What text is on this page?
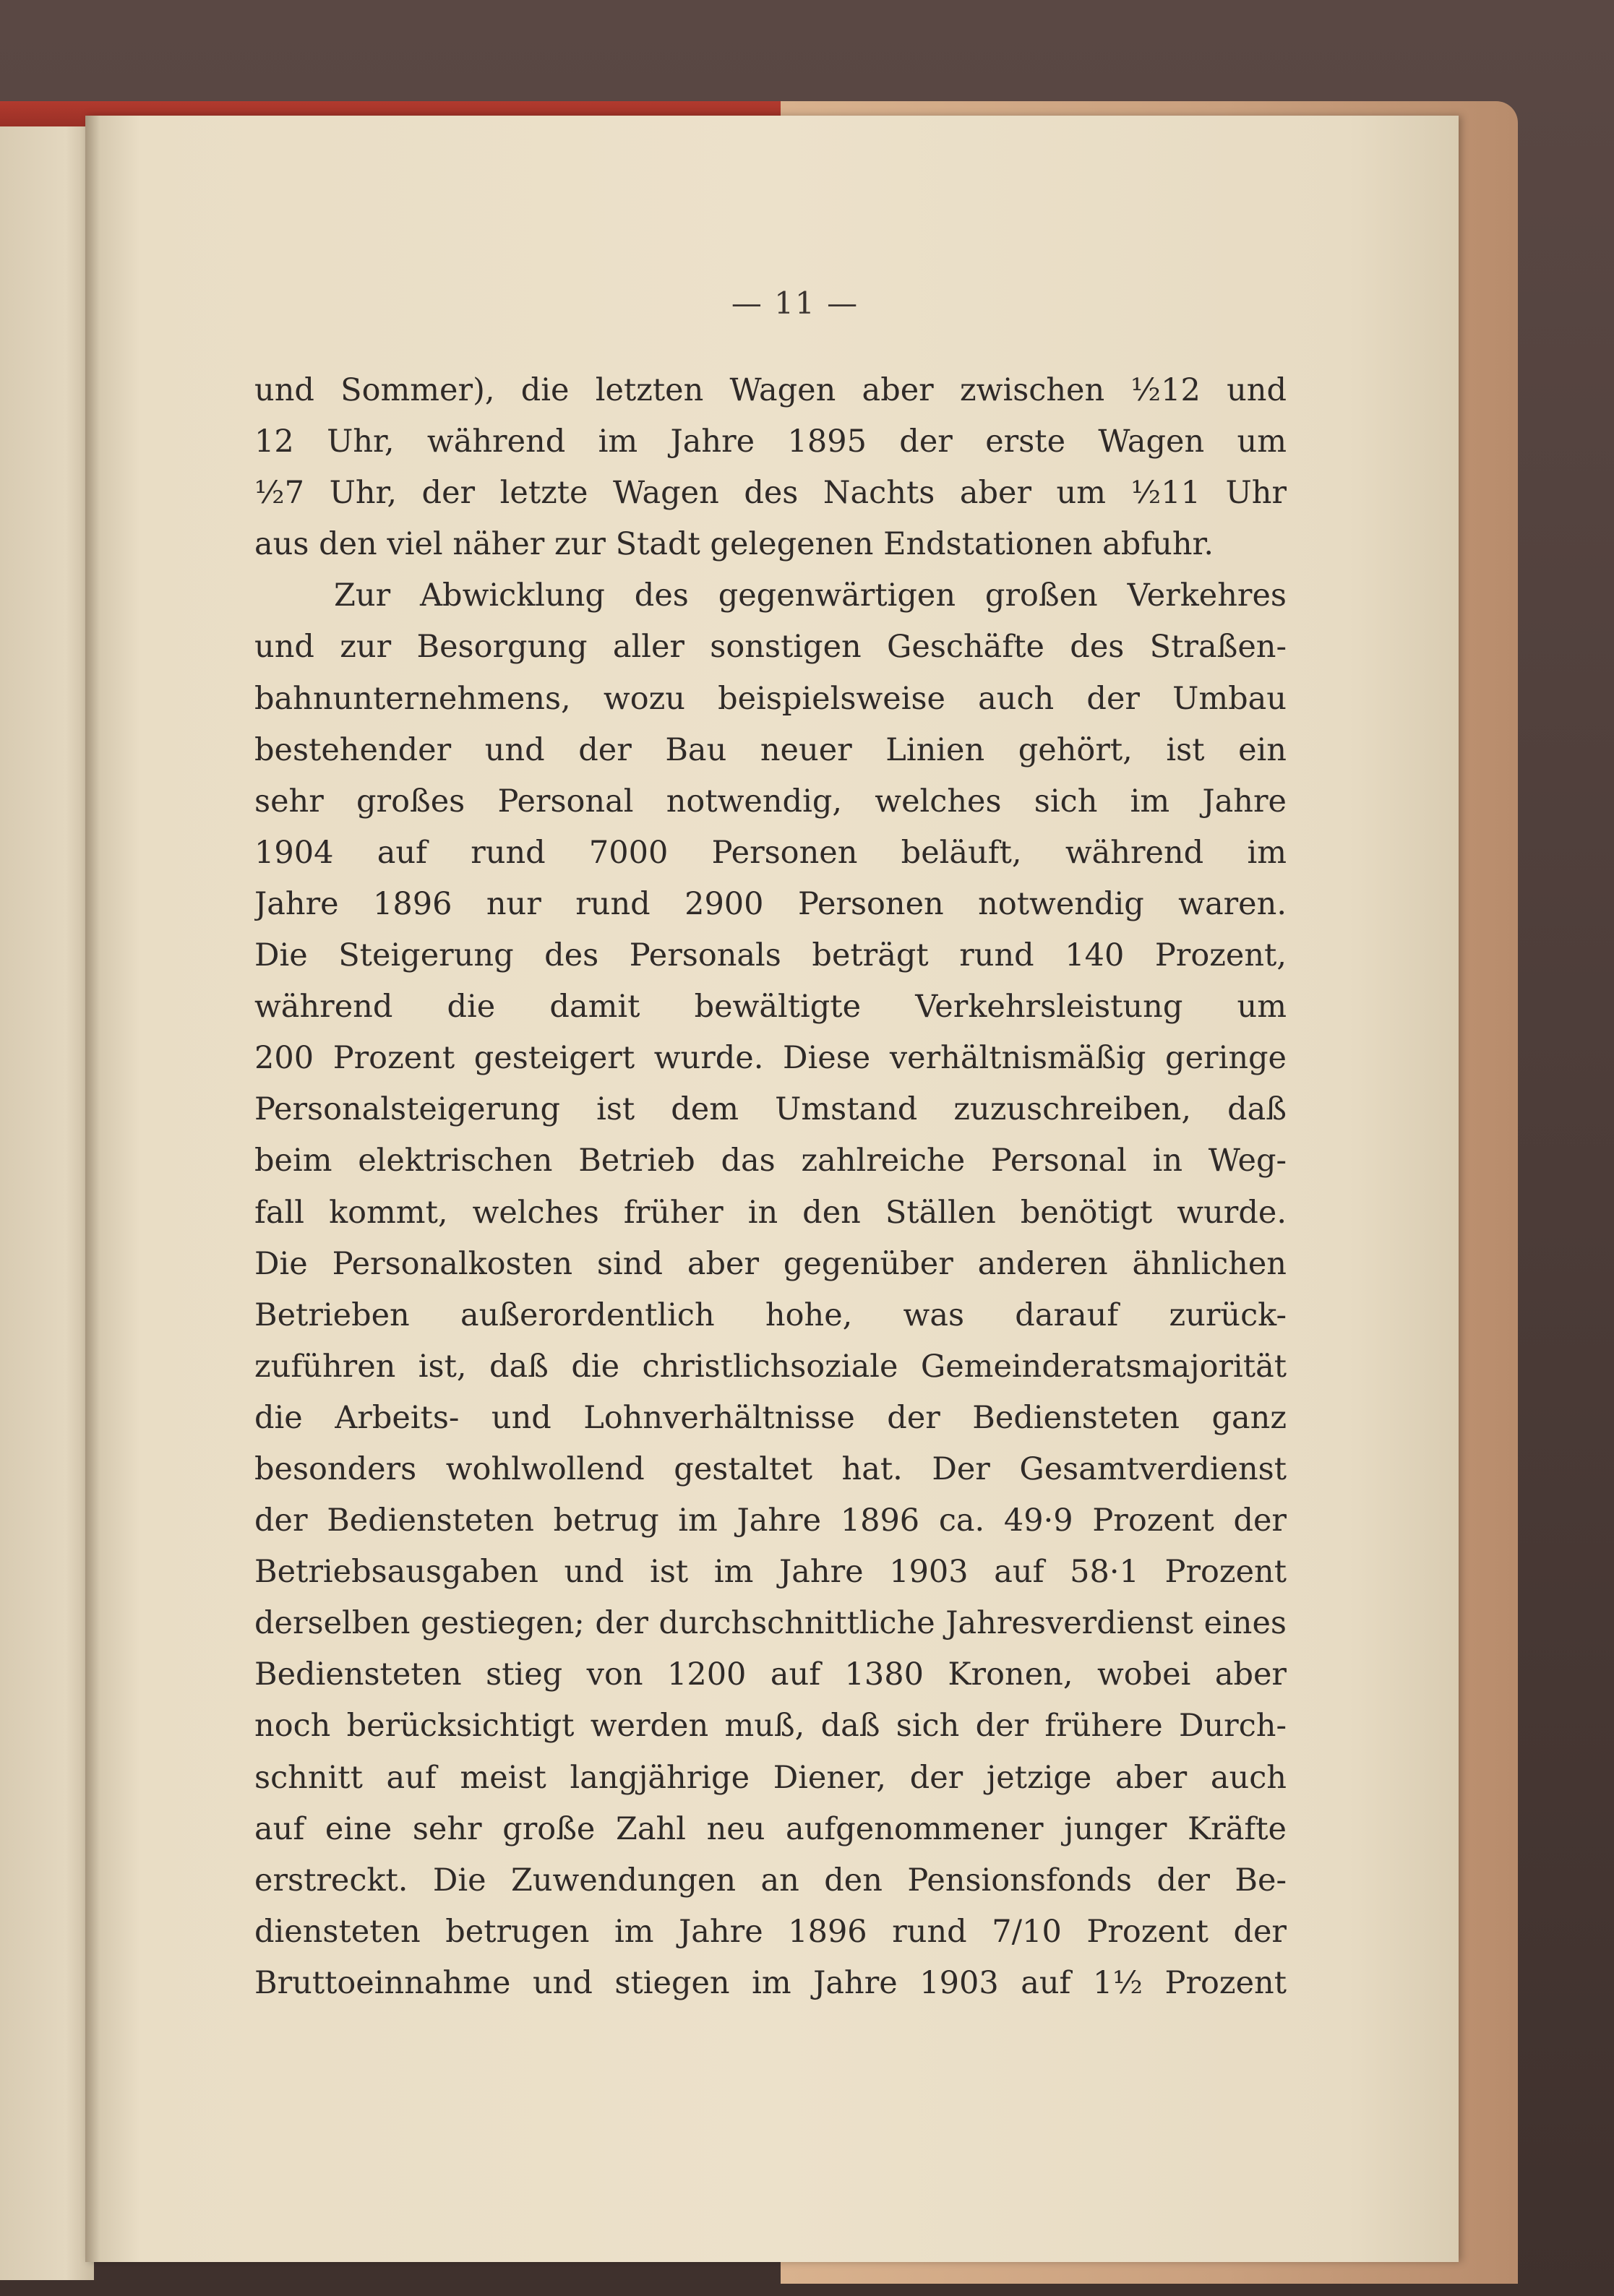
— 11 —
und Sommer), die letzten Wagen aber zwischen ½12 und
12 Uhr, während im Jahre 1895 der erste Wagen um
½7 Uhr, der letzte Wagen des Nachts aber um ½11 Uhr
aus den viel näher zur Stadt gelegenen Endstationen abfuhr.
Zur Abwicklung des gegenwärtigen großen Verkehres
und zur Besorgung aller sonstigen Geschäfte des Straßen-
bahnunternehmens, wozu beispielsweise auch der Umbau
bestehender und der Bau neuer Linien gehört, ist ein
sehr großes Personal notwendig, welches sich im Jahre
1904 auf rund 7000 Personen beläuft, während im
Jahre 1896 nur rund 2900 Personen notwendig waren.
Die Steigerung des Personals beträgt rund 140 Prozent,
während die damit bewältigte Verkehrsleistung um
200 Prozent gesteigert wurde. Diese verhältnismäßig geringe
Personalsteigerung ist dem Umstand zuzuschreiben, daß
beim elektrischen Betrieb das zahlreiche Personal in Weg-
fall kommt, welches früher in den Ställen benötigt wurde.
Die Personalkosten sind aber gegenüber anderen ähnlichen
Betrieben außerordentlich hohe, was darauf zurück-
zuführen ist, daß die christlichsoziale Gemeinderatsmajorität
die Arbeits- und Lohnverhältnisse der Bediensteten ganz
besonders wohlwollend gestaltet hat. Der Gesamtverdienst
der Bediensteten betrug im Jahre 1896 ca. 49·9 Prozent der
Betriebsausgaben und ist im Jahre 1903 auf 58·1 Prozent
derselben gestiegen; der durchschnittliche Jahresverdienst eines
Bediensteten stieg von 1200 auf 1380 Kronen, wobei aber
noch berücksichtigt werden muß, daß sich der frühere Durch-
schnitt auf meist langjährige Diener, der jetzige aber auch
auf eine sehr große Zahl neu aufgenommener junger Kräfte
erstreckt. Die Zuwendungen an den Pensionsfonds der Be-
diensteten betrugen im Jahre 1896 rund 7/10 Prozent der
Bruttoeinnahme und stiegen im Jahre 1903 auf 1½ Prozent
